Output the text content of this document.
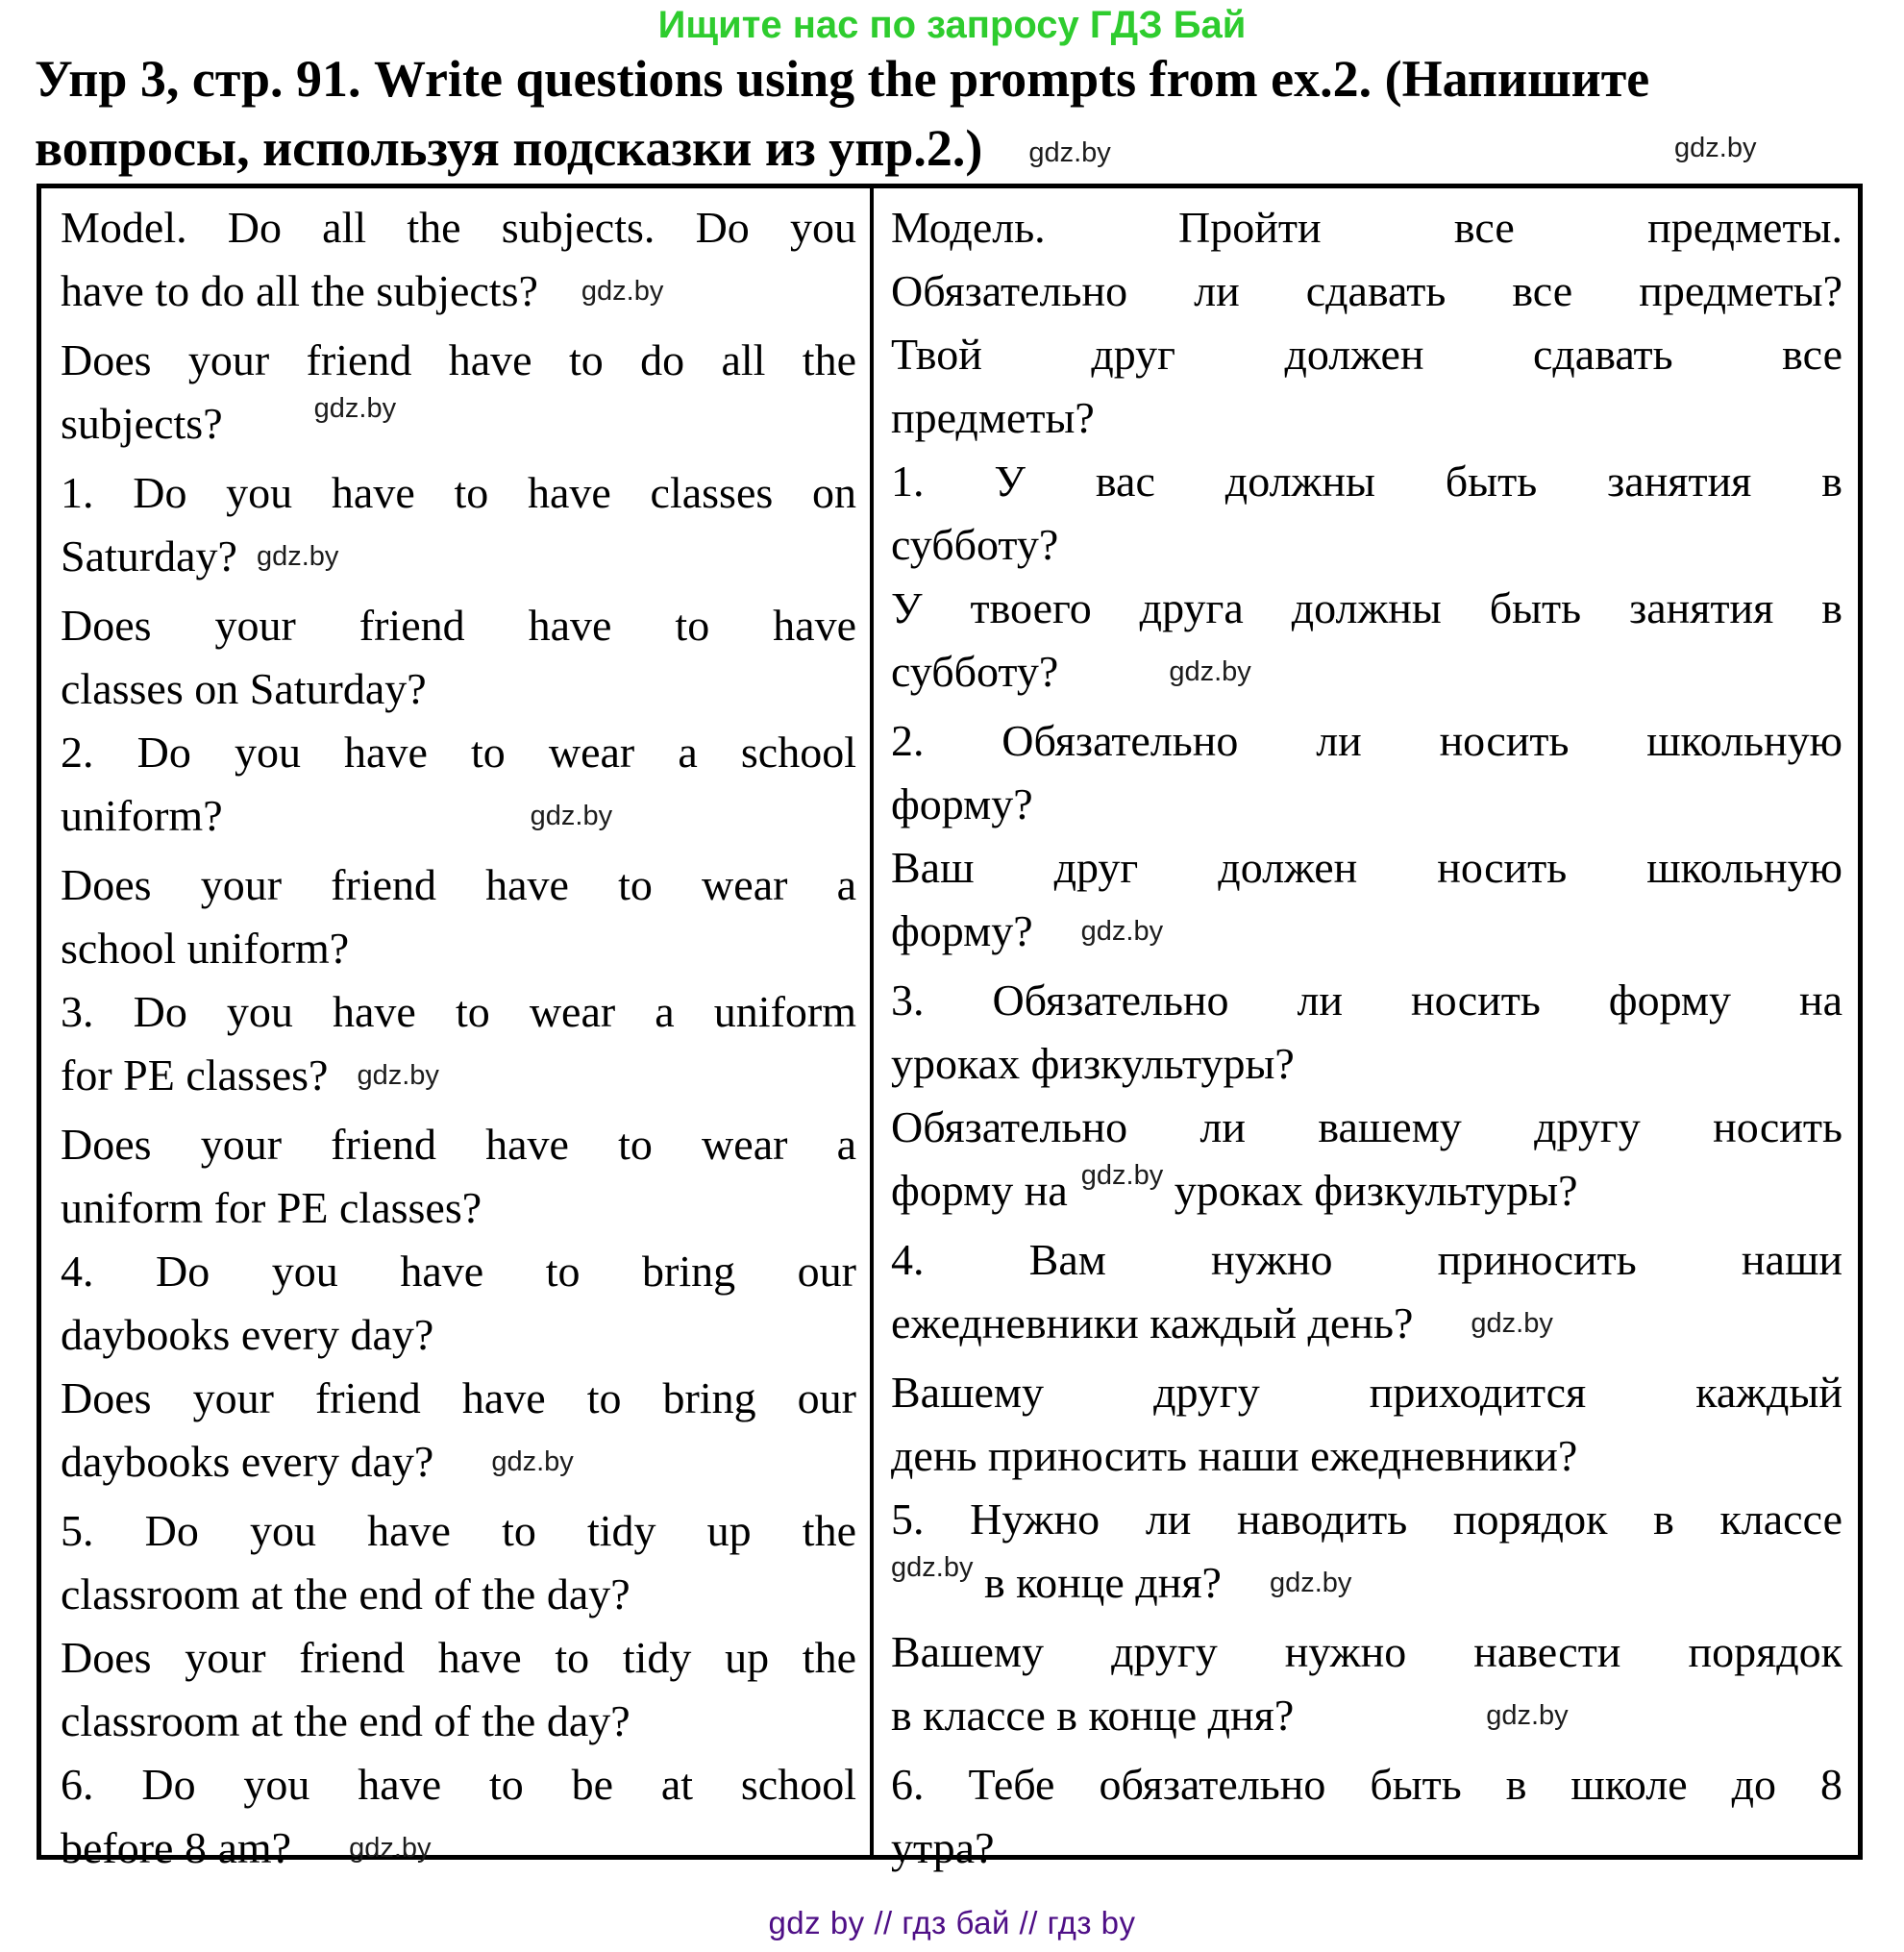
Ищите нас по запросу ГДЗ Бай
Упр 3, стр. 91. Write questions using the prompts from ex.2. (Напишите
gdz.by
вопросы, используя подсказки из упр.2.) gdz.by

Model. Do all the subjects. Do you
have to do all the subjects? gdz.by

Does your friend have to do all the
subjects?	$^{gdz.by}$

1. Do you have to have classes on
Saturday? gdz.by

Does your friend have to have
classes on Saturday?

2. Do you have to wear a school
uniform?	gdz.by

Does your friend have to wear a
school uniform?

3. Do you have to wear a uniform
for PE classes? gdz.by

Does your friend have to wear a
uniform for PE classes?

4. Do you have to bring our
daybooks every day?

Does your friend have to bring our
daybooks every day? gdz.by

5. Do you have to tidy up the
classroom at the end of the day?

Does your friend have to tidy up the
classroom at the end of the day?

6. Do you have to be at school
before 8 am? gdz.by

Модель. Пройти все предметы.
Обязательно ли сдавать все предметы?

Твой друг должен сдавать все
предметы?

1. У вас должны быть занятия в
субботу?

У твоего друга должны быть занятия в
субботу?	gdz.by

2. Обязательно ли носить школьную
форму?

Ваш друг должен носить школьную
форму? gdz.by

3. Обязательно ли носить форму на
уроках физкультуры?

Обязательно ли вашему другу носить
форму на $^{gdz.by}$ уроках физкультуры?

4. Вам нужно приносить наши
ежедневники каждый день? gdz.by

Вашему другу приходится каждый
день приносить наши ежедневники?

5. Нужно ли наводить порядок в классе
$^{gdz.by}$ в конце дня? gdz.by

Вашему другу нужно навести порядок
в классе в конце дня?	gdz.by

6. Тебе обязательно быть в школе до 8
утра?

gdz by // гдз бай // гдз by
